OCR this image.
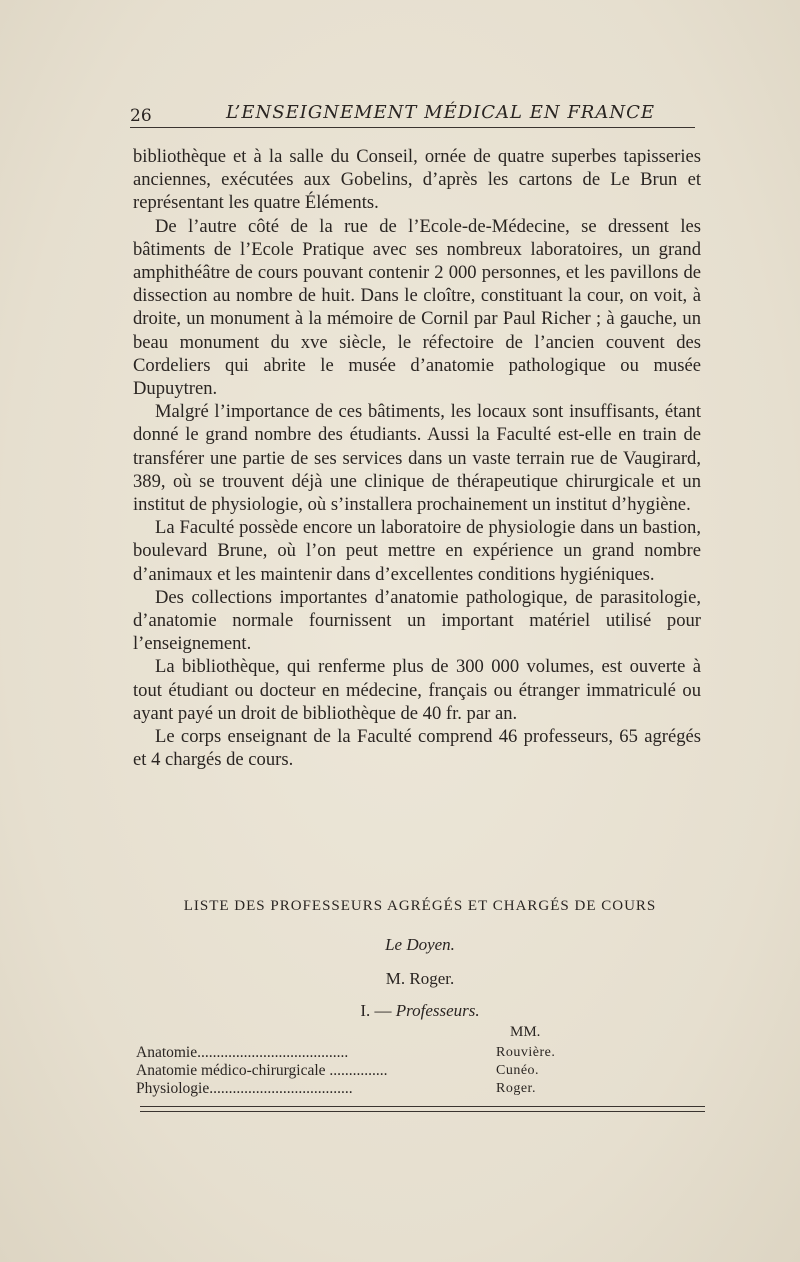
26	L’ENSEIGNEMENT MÉDICAL EN FRANCE

bibliothèque et à la salle du Conseil, ornée de quatre superbes tapisseries anciennes, exécutées aux Gobelins, d’après les cartons de Le Brun et représentant les quatre Éléments.

De l’autre côté de la rue de l’Ecole-de-Médecine, se dressent les bâtiments de l’Ecole Pratique avec ses nombreux laboratoires, un grand amphithéâtre de cours pouvant contenir 2 000 personnes, et les pavillons de dissection au nombre de huit. Dans le cloître, constituant la cour, on voit, à droite, un monument à la mémoire de Cornil par Paul Richer ; à gauche, un beau monument du xve siècle, le réfectoire de l’ancien couvent des Cordeliers qui abrite le musée d’anatomie pathologique ou musée Dupuytren.

Malgré l’importance de ces bâtiments, les locaux sont insuffisants, étant donné le grand nombre des étudiants. Aussi la Faculté est-elle en train de transférer une partie de ses services dans un vaste terrain rue de Vaugirard, 389, où se trouvent déjà une clinique de thérapeutique chirurgicale et un institut de physiologie, où s’installera prochainement un institut d’hygiène.

La Faculté possède encore un laboratoire de physiologie dans un bastion, boulevard Brune, où l’on peut mettre en expérience un grand nombre d’animaux et les maintenir dans d’excellentes conditions hygiéniques.

Des collections importantes d’anatomie pathologique, de parasitologie, d’anatomie normale fournissent un important matériel utilisé pour l’enseignement.

La bibliothèque, qui renferme plus de 300 000 volumes, est ouverte à tout étudiant ou docteur en médecine, français ou étranger immatriculé ou ayant payé un droit de bibliothèque de 40 fr. par an.

Le corps enseignant de la Faculté comprend 46 professeurs, 65 agrégés et 4 chargés de cours.

LISTE DES PROFESSEURS AGRÉGÉS ET CHARGÉS DE COURS
Le Doyen.
M. Roger.
I. — Professeurs.
MM.
Anatomie.......................................	Rouvière.
Anatomie médico-chirurgicale ...............	Cunéo.
Physiologie.....................................	Roger.
